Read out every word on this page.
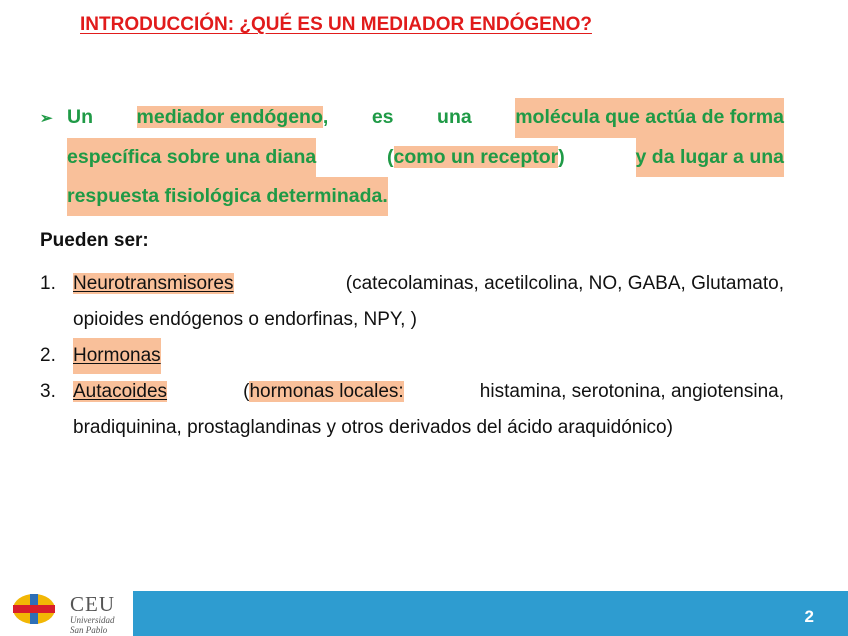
INTRODUCCIÓN: ¿QUÉ ES UN MEDIADOR ENDÓGENO?
➢ Un mediador endógeno, es una molécula que actúa de forma
específica sobre una diana	(como un receptor)	y da lugar a una
respuesta fisiológica determinada.
Pueden ser:
1. Neurotransmisores	(catecolaminas, acetilcolina, NO, GABA, Glutamato,
opioides endógenos o endorfinas, NPY, )
2. Hormonas
3. Autacoides	(hormonas locales:	histamina, serotonina, angiotensina,
bradiquinina, prostaglandinas y otros derivados del ácido araquidónico)
CEU
Universidad
San Pablo
2
